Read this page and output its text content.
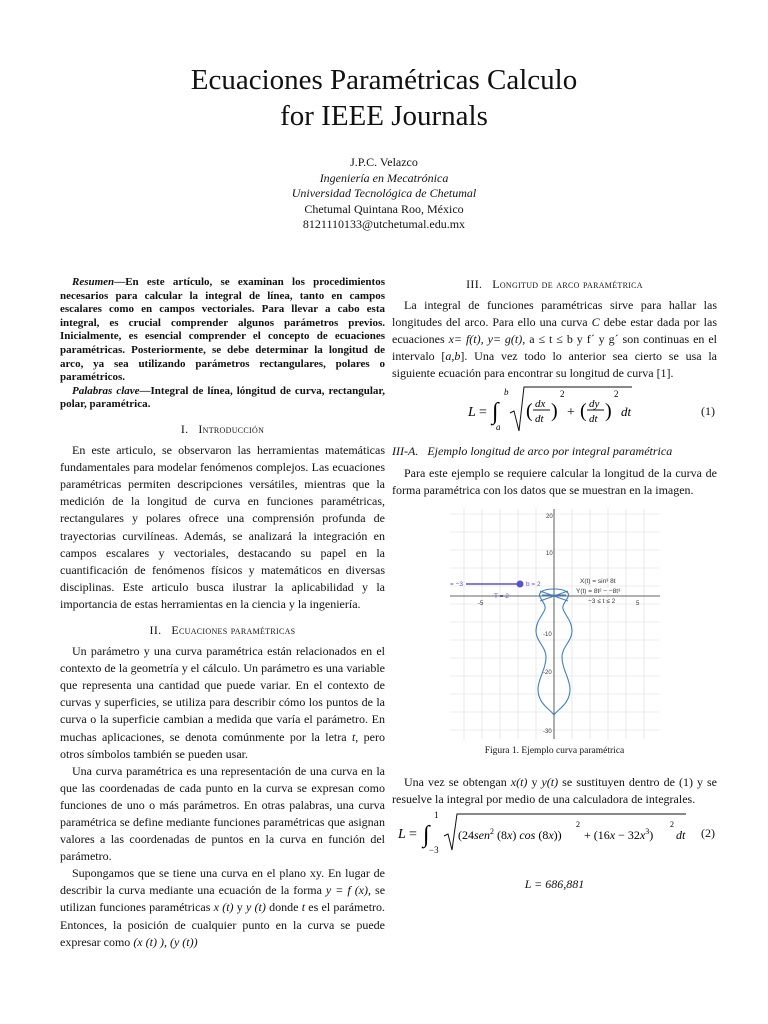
Ecuaciones Paramétricas Calculo
for IEEE Journals
J.P.C. Velazco
Ingeniería en Mecatrónica
Universidad Tecnológica de Chetumal
Chetumal Quintana Roo, México
8121110133@utchetumal.edu.mx
Resumen—En este artículo, se examinan los procedimientos necesarios para calcular la integral de línea, tanto en campos escalares como en campos vectoriales. Para llevar a cabo esta integral, es crucial comprender algunos parámetros previos. Inicialmente, es esencial comprender el concepto de ecuaciones paramétricas. Posteriormente, se debe determinar la longitud de arco, ya sea utilizando parámetros rectangulares, polares o paramétricos.
Palabras clave—Integral de línea, lóngitud de curva, rectangular, polar, paramétrica.
I. Introducción

En este articulo, se observaron las herramientas matemáticas fundamentales para modelar fenómenos complejos. Las ecuaciones paramétricas permiten descripciones versátiles, mientras que la medición de la longitud de curva en funciones paramétricas, rectangulares y polares ofrece una comprensión profunda de trayectorias curvilíneas. Además, se analizará la integración en campos escalares y vectoriales, destacando su papel en la cuantificación de fenómenos físicos y matemáticos en diversas disciplinas. Este articulo busca ilustrar la aplicabilidad y la importancia de estas herramientas en la ciencia y la ingeniería.

II. Ecuaciones paramétricas

Un parámetro y una curva paramétrica están relacionados en el contexto de la geometría y el cálculo. Un parámetro es una variable que representa una cantidad que puede variar. En el contexto de curvas y superficies, se utiliza para describir cómo los puntos de la curva o la superficie cambian a medida que varía el parámetro. En muchas aplicaciones, se denota comúnmente por la letra t, pero otros símbolos también se pueden usar.

Una curva paramétrica es una representación de una curva en la que las coordenadas de cada punto en la curva se expresan como funciones de uno o más parámetros. En otras palabras, una curva paramétrica se define mediante funciones paramétricas que asignan valores a las coordenadas de puntos en la curva en función del parámetro.

Supongamos que se tiene una curva en el plano xy. En lugar de describir la curva mediante una ecuación de la forma y = f (x), se utilizan funciones paramétricas x (t) y y (t) donde t es el parámetro. Entonces, la posición de cualquier punto en la curva se puede expresar como (x (t) ), (y (t))

III. Longitud de arco paramétrica

La integral de funciones paramétricas sirve para hallar las longitudes del arco. Para ello una curva C debe estar dada por las ecuaciones x= f(t), y= g(t), a ≤ t ≤ b y f´ y g´ son continuas en el intervalo [a,b]. Una vez todo lo anterior sea cierto se usa la siguiente ecuación para encontrar su longitud de curva [1].

L = ∫
b
a
( dx
dt )
2
+ ( dy
dt )
2
dt	(1)
III-A. Ejemplo longitud de arco por integral paramétrica

Para este ejemplo se requiere calcular la longitud de la curva de forma paramétrica con los datos que se muestran en la imagen.

-5	5
20
10
-10
-20
-30
= −3	b = 2
T = 2
X(t) = sin³ 8t
Y(t) = 8t² − −8t³
−3 ≤ t ≤ 2
Figura 1. Ejemplo curva paramétrica

Una vez se obtengan x(t) y y(t) se sustituyen dentro de (1) y se resuelve la integral por medio de una calculadora de integrales.

L = ∫
1
−3
(24sen$^2$ (8x) cos (8x))
2
+ $(16x - 32x^3)$
2
dt (2)
L = 686,881
